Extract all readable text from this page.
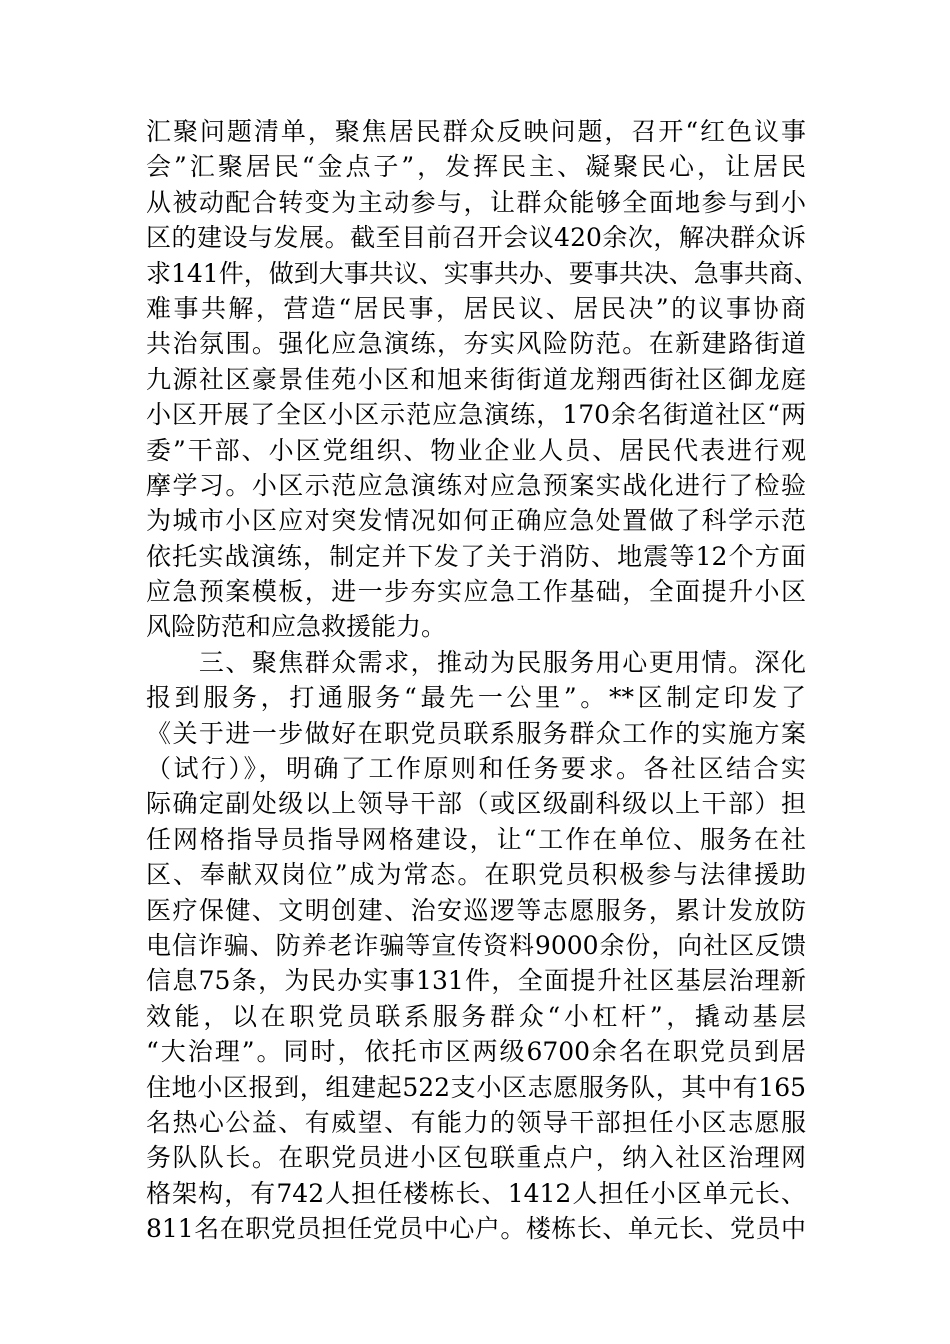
汇聚问题清单，聚焦居民群众反映问题，召开“红色议事
会”汇聚居民“金点子”，发挥民主、凝聚民心，让居民
从被动配合转变为主动参与，让群众能够全面地参与到小
区的建设与发展。截至目前召开会议420余次，解决群众诉
求141件，做到大事共议、实事共办、要事共决、急事共商、
难事共解，营造“居民事，居民议、居民决”的议事协商
共治氛围。强化应急演练，夯实风险防范。在新建路街道
九源社区豪景佳苑小区和旭来街街道龙翔西街社区御龙庭
小区开展了全区小区示范应急演练，170余名街道社区“两
委”干部、小区党组织、物业企业人员、居民代表进行观
摩学习。小区示范应急演练对应急预案实战化进行了检验
为城市小区应对突发情况如何正确应急处置做了科学示范
依托实战演练，制定并下发了关于消防、地震等12个方面
应急预案模板，进一步夯实应急工作基础，全面提升小区
风险防范和应急救援能力。
　　三、聚焦群众需求，推动为民服务用心更用情。深化
报到服务，打通服务“最先一公里”。**区制定印发了
《关于进一步做好在职党员联系服务群众工作的实施方案
（试行）》，明确了工作原则和任务要求。各社区结合实
际确定副处级以上领导干部（或区级副科级以上干部）担
任网格指导员指导网格建设，让“工作在单位、服务在社
区、奉献双岗位”成为常态。在职党员积极参与法律援助
医疗保健、文明创建、治安巡逻等志愿服务，累计发放防
电信诈骗、防养老诈骗等宣传资料9000余份，向社区反馈
信息75条，为民办实事131件，全面提升社区基层治理新
效能，以在职党员联系服务群众“小杠杆”，撬动基层
“大治理”。同时，依托市区两级6700余名在职党员到居
住地小区报到，组建起522支小区志愿服务队，其中有165
名热心公益、有威望、有能力的领导干部担任小区志愿服
务队队长。在职党员进小区包联重点户，纳入社区治理网
格架构，有742人担任楼栋长、1412人担任小区单元长、
811名在职党员担任党员中心户。楼栋长、单元长、党员中
